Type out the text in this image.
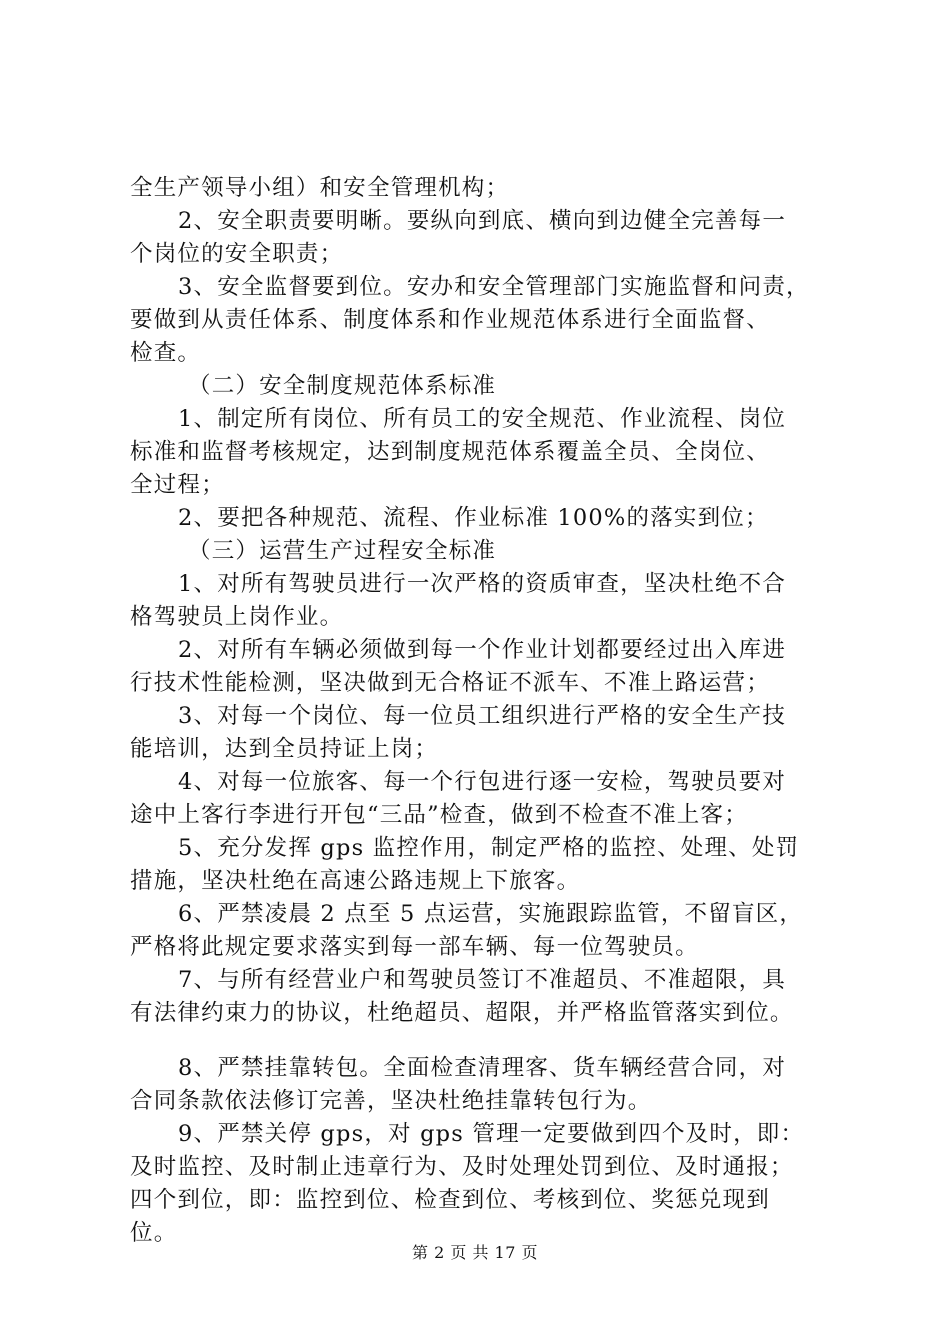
全生产领导小组）和安全管理机构；
2、安全职责要明晰。要纵向到底、横向到边健全完善每一
个岗位的安全职责；
3、安全监督要到位。安办和安全管理部门实施监督和问责，
要做到从责任体系、制度体系和作业规范体系进行全面监督、
检查。
（二）安全制度规范体系标准
1、制定所有岗位、所有员工的安全规范、作业流程、岗位
标准和监督考核规定，达到制度规范体系覆盖全员、全岗位、
全过程；
2、要把各种规范、流程、作业标准 100%的落实到位；
（三）运营生产过程安全标准
1、对所有驾驶员进行一次严格的资质审查，坚决杜绝不合
格驾驶员上岗作业。
2、对所有车辆必须做到每一个作业计划都要经过出入库进
行技术性能检测，坚决做到无合格证不派车、不准上路运营；
3、对每一个岗位、每一位员工组织进行严格的安全生产技
能培训，达到全员持证上岗；
4、对每一位旅客、每一个行包进行逐一安检，驾驶员要对
途中上客行李进行开包“三品”检查，做到不检查不准上客；
5、充分发挥 gps 监控作用，制定严格的监控、处理、处罚
措施，坚决杜绝在高速公路违规上下旅客。
6、严禁凌晨 2 点至 5 点运营，实施跟踪监管，不留盲区，
严格将此规定要求落实到每一部车辆、每一位驾驶员。
7、与所有经营业户和驾驶员签订不准超员、不准超限，具
有法律约束力的协议，杜绝超员、超限，并严格监管落实到位。
8、严禁挂靠转包。全面检查清理客、货车辆经营合同，对
合同条款依法修订完善，坚决杜绝挂靠转包行为。
9、严禁关停 gps，对 gps 管理一定要做到四个及时，即：
及时监控、及时制止违章行为、及时处理处罚到位、及时通报；
四个到位，即：监控到位、检查到位、考核到位、奖惩兑现到
位。
第 2 页 共 17 页
